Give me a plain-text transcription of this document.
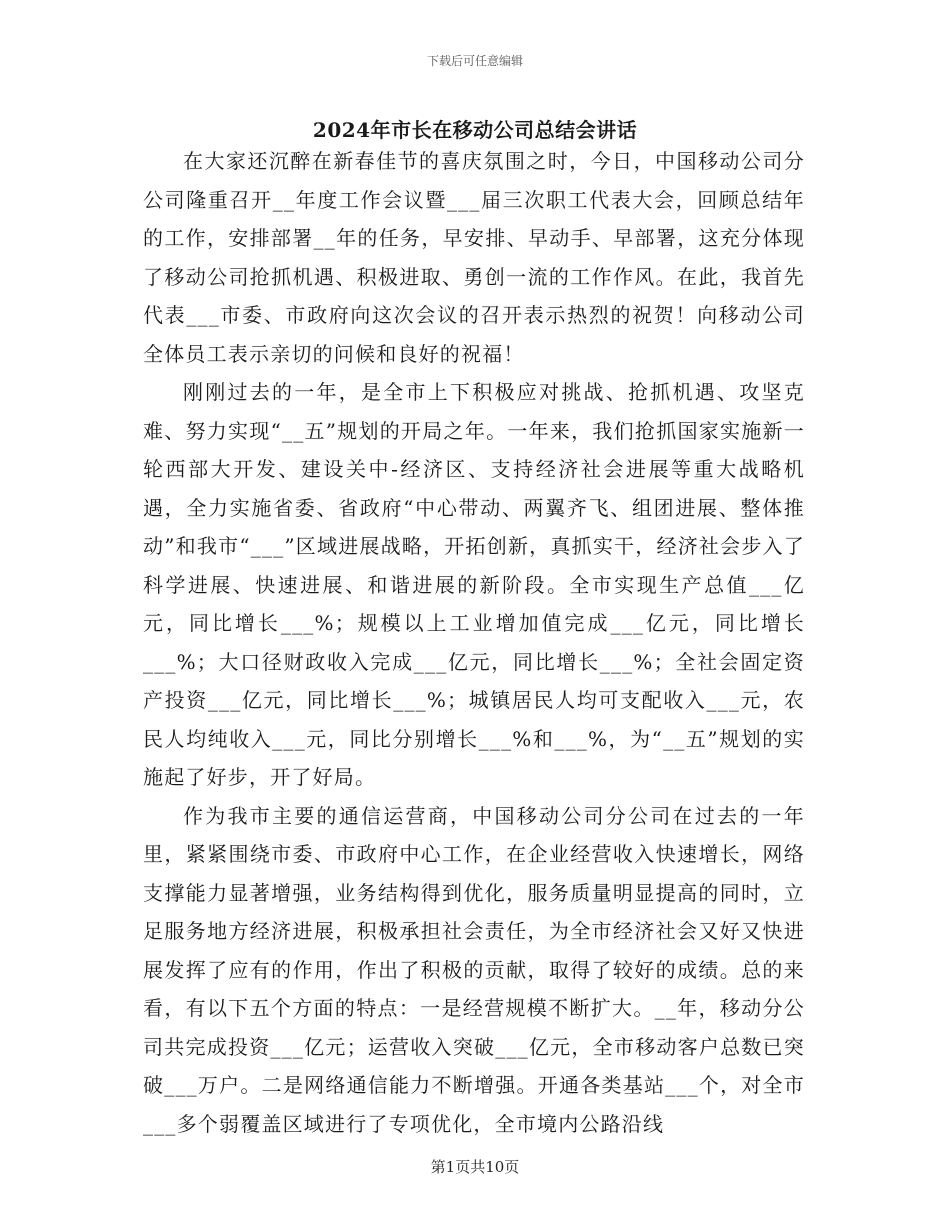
下载后可任意编辑
2024年市长在移动公司总结会讲话

在大家还沉醉在新春佳节的喜庆氛围之时，今日，中国移动公司分公司隆重召开__年度工作会议暨___届三次职工代表大会，回顾总结年的工作，安排部署__年的任务，早安排、早动手、早部署，这充分体现了移动公司抢抓机遇、积极进取、勇创一流的工作作风。在此，我首先代表___市委、市政府向这次会议的召开表示热烈的祝贺！向移动公司全体员工表示亲切的问候和良好的祝福！

刚刚过去的一年，是全市上下积极应对挑战、抢抓机遇、攻坚克难、努力实现“__五”规划的开局之年。一年来，我们抢抓国家实施新一轮西部大开发、建设关中-经济区、支持经济社会进展等重大战略机遇，全力实施省委、省政府“中心带动、两翼齐飞、组团进展、整体推动”和我市“___”区域进展战略，开拓创新，真抓实干，经济社会步入了科学进展、快速进展、和谐进展的新阶段。全市实现生产总值___亿元，同比增长___%；规模以上工业增加值完成___亿元，同比增长___%；大口径财政收入完成___亿元，同比增长___%；全社会固定资产投资___亿元，同比增长___%；城镇居民人均可支配收入___元，农民人均纯收入___元，同比分别增长___%和___%，为“__五”规划的实施起了好步，开了好局。

作为我市主要的通信运营商，中国移动公司分公司在过去的一年里，紧紧围绕市委、市政府中心工作，在企业经营收入快速增长，网络支撑能力显著增强，业务结构得到优化，服务质量明显提高的同时，立足服务地方经济进展，积极承担社会责任，为全市经济社会又好又快进展发挥了应有的作用，作出了积极的贡献，取得了较好的成绩。总的来看，有以下五个方面的特点：一是经营规模不断扩大。__年，移动分公司共完成投资___亿元；运营收入突破___亿元，全市移动客户总数已突破___万户。二是网络通信能力不断增强。开通各类基站___个，对全市___多个弱覆盖区域进行了专项优化，全市境内公路沿线

第1页共10页
